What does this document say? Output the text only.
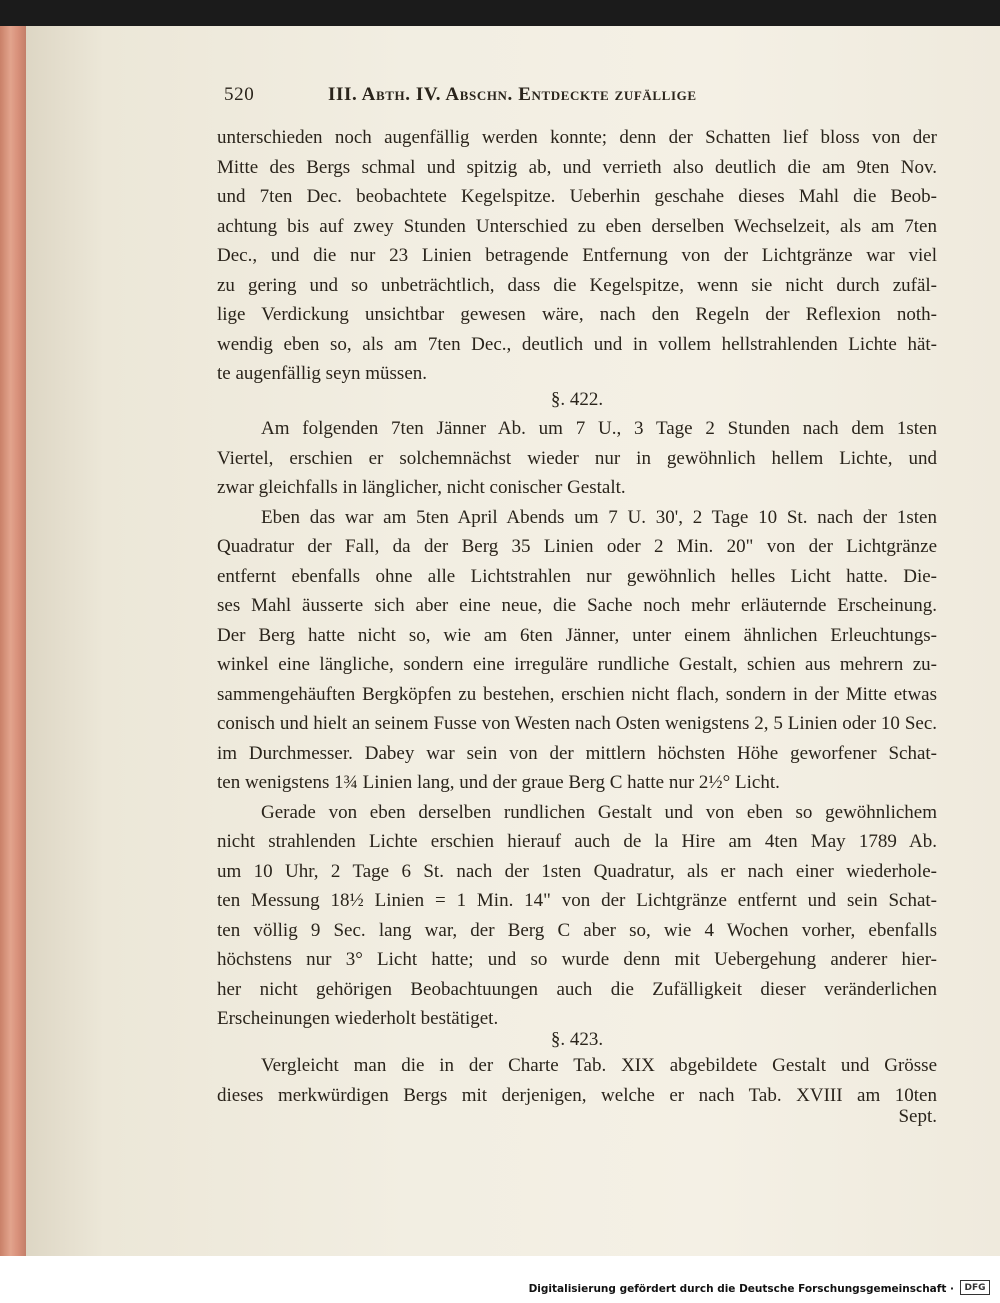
520	III. Abth. IV. Abschn. Entdeckte zufällige

unterschieden noch augenfällig werden konnte; denn der Schatten lief bloss von der

Mitte des Bergs schmal und spitzig ab, und verrieth also deutlich die am 9ten Nov.

und 7ten Dec. beobachtete Kegelspitze. Ueberhin geschahe dieses Mahl die Beob-

achtung bis auf zwey Stunden Unterschied zu eben derselben Wechselzeit, als am 7ten

Dec., und die nur 23 Linien betragende Entfernung von der Lichtgränze war viel

zu gering und so unbeträchtlich, dass die Kegelspitze, wenn sie nicht durch zufäl-

lige Verdickung unsichtbar gewesen wäre, nach den Regeln der Reflexion noth-

wendig eben so, als am 7ten Dec., deutlich und in vollem hellstrahlenden Lichte hät-

te augenfällig seyn müssen.

§. 422.

Am folgenden 7ten Jänner Ab. um 7 U., 3 Tage 2 Stunden nach dem 1sten

Viertel, erschien er solchemnächst wieder nur in gewöhnlich hellem Lichte, und

zwar gleichfalls in länglicher, nicht conischer Gestalt.

Eben das war am 5ten April Abends um 7 U. 30', 2 Tage 10 St. nach der 1sten

Quadratur der Fall, da der Berg 35 Linien oder 2 Min. 20" von der Lichtgränze

entfernt ebenfalls ohne alle Lichtstrahlen nur gewöhnlich helles Licht hatte. Die-

ses Mahl äusserte sich aber eine neue, die Sache noch mehr erläuternde Erscheinung.

Der Berg hatte nicht so, wie am 6ten Jänner, unter einem ähnlichen Erleuchtungs-

winkel eine längliche, sondern eine irreguläre rundliche Gestalt, schien aus mehrern zu-

sammengehäuften Bergköpfen zu bestehen, erschien nicht flach, sondern in der Mitte etwas

conisch und hielt an seinem Fusse von Westen nach Osten wenigstens 2, 5 Linien oder 10 Sec.

im Durchmesser. Dabey war sein von der mittlern höchsten Höhe geworfener Schat-

ten wenigstens 1¾ Linien lang, und der graue Berg C hatte nur 2½° Licht.

Gerade von eben derselben rundlichen Gestalt und von eben so gewöhnlichem

nicht strahlenden Lichte erschien hierauf auch de la Hire am 4ten May 1789 Ab.

um 10 Uhr, 2 Tage 6 St. nach der 1sten Quadratur, als er nach einer wiederhole-

ten Messung 18½ Linien = 1 Min. 14" von der Lichtgränze entfernt und sein Schat-

ten völlig 9 Sec. lang war, der Berg C aber so, wie 4 Wochen vorher, ebenfalls

höchstens nur 3° Licht hatte; und so wurde denn mit Uebergehung anderer hier-

her nicht gehörigen Beobachtuungen auch die Zufälligkeit dieser veränderlichen

Erscheinungen wiederholt bestätiget.

§. 423.

Vergleicht man die in der Charte Tab. XIX abgebildete Gestalt und Grösse

dieses merkwürdigen Bergs mit derjenigen, welche er nach Tab. XVIII am 10ten

Sept.

Digitalisierung gefördert durch die Deutsche Forschungsgemeinschaft ·	DFG
